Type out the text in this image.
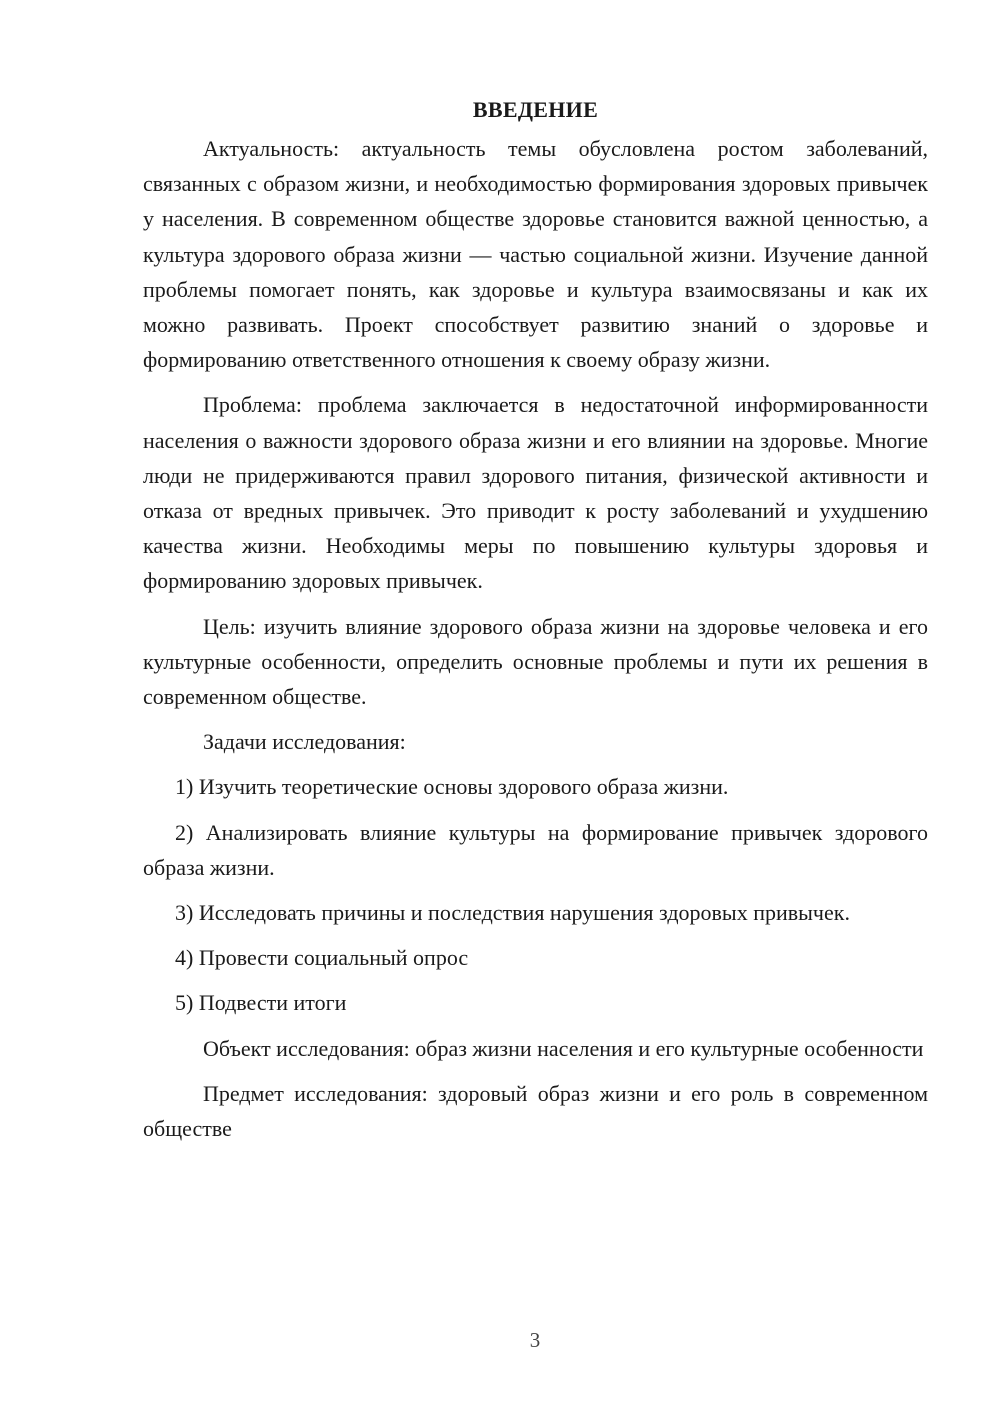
ВВЕДЕНИЕ

Актуальность: актуальность темы обусловлена ростом заболеваний, связанных с образом жизни, и необходимостью формирования здоровых привычек у населения. В современном обществе здоровье становится важной ценностью, а культура здорового образа жизни — частью социальной жизни. Изучение данной проблемы помогает понять, как здоровье и культура взаимосвязаны и как их можно развивать. Проект способствует развитию знаний о здоровье и формированию ответственного отношения к своему образу жизни.

Проблема: проблема заключается в недостаточной информированности населения о важности здорового образа жизни и его влиянии на здоровье. Многие люди не придерживаются правил здорового питания, физической активности и отказа от вредных привычек. Это приводит к росту заболеваний и ухудшению качества жизни. Необходимы меры по повышению культуры здоровья и формированию здоровых привычек.

Цель: изучить влияние здорового образа жизни на здоровье человека и его культурные особенности, определить основные проблемы и пути их решения в современном обществе.

Задачи исследования:

1) Изучить теоретические основы здорового образа жизни.

2) Анализировать влияние культуры на формирование привычек здорового образа жизни.

3) Исследовать причины и последствия нарушения здоровых привычек.

4) Провести социальный опрос

5) Подвести итоги

Объект исследования: образ жизни населения и его культурные особенности

Предмет исследования: здоровый образ жизни и его роль в современном обществе

3
